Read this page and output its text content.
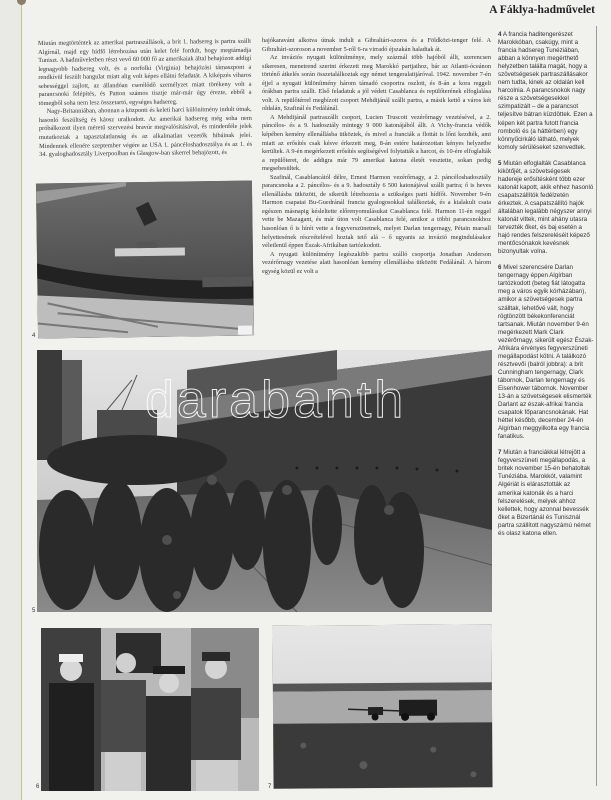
A Fáklya-hadművelet

Miután megtörténtek az amerikai partraszállások, a brit 1. hadsereg is partra szállt Algírnál, majd egy hídfő létrehozása után kelet felé fordult, hogy megtámadja Tuniszt. A hadműveletben részt vevő 60 000 fő az amerikaiak által behajózott addigi legnagyobb hadsereg volt, és a norfolki (Virginia) behajózási támaszpont a rendkívül feszült hangulat miatt alig volt képes ellátni feladatát. A kiképzés viharos sebességgel zajlott, az állandóan cserélődő személyzet miatt törékeny volt a parancsnoki felépítés, és Patton számos tisztje már-már úgy érezte, ebből a tömegből soha nem lesz összetartó, egységes hadsereg.

Nagy-Britanniában, ahonnan a központi és keleti harci különítmény indult útnak, hasonló feszültség és káosz uralkodott. Az amerikai hadsereg még soha nem próbálkozott ilyen méretű szervezési bravúr megvalósításával, és mindenféle jelek mutatkoztak a tapasztalatlanság és az alkalmatlan vezetők hibáinak jelei. Mindennek ellenére szeptember végére az USA 1. páncéloshadosztálya és az 1. és 34. gyaloghadosztály Liverpoolban és Glasgow-ban sikerrel behajózott, és

hajókaravánt alkotva útnak indult a Gibraltári-szoros és a Földközi-tenger felé. A Gibraltári-szoroson a november 5-ről 6-ra virradó éjszakán haladtak át.

Az inváziós nyugati különítménye, mely százmál több hajóból állt, szerencsen sikeresen, menetrend szerint érkezett meg Marokkó partjaihoz, bár az Atlanti-óceánon történő átkelés során összetalálkoztak egy német tengeralattjáróval. 1942. november 7-én éjjel a nyugati különítmény három támadó csoportra oszlott, és 8-án a kora reggeli órákban partra szállt. Első feladatuk a jól védett Casablanca és repülőterének elfoglalása volt. A repülőtérrel megbízott csoport Mehdijánál szállt partra, a másik kettő a város két oldalán, Szafinál és Fedálánál.

A Mehdijánál partraszállt csoport, Lucien Truscott vezérőrnagy vezetésével, a 2. páncélos- és a 9. hadosztály mintegy 9 000 katonájából állt. A Vichy-francia védők képében kemény ellenállásba ütköztek, és mivel a franciák a flottát is lőni kezdték, ami miatt az erősítés csak késve érkezett meg, 8-án estére határozottan kényes helyzetbe kerültek. A 9-én megérkezett erősítés segítségével folytatták a harcot, és 10-ére elfoglalták a repülőteret, de addigra már 79 amerikai katona életét vesztette, sokan pedig megsebesültek.

Szafinál, Casablancától délre, Ernest Harmon vezérőrnagy, a 2. páncéloshadosztály parancsnoka a 2. páncélos- és a 9. hadosztály 6 500 katonájával szállt partra; ő is heves ellenállásba ütközött, de sikerült létrehoznia a szükséges parti hídfőt. November 9-én Harmon csapatai Bu-Guedránál francia gyalogosokkal találkoztak, és a kialakult csata egészen másnapig késleltette előrenyomulásukat Casablanca felé. Harmon 11-én reggel vette be Mazagant, és már úton volt Casablanca felé, amikor a többi parancsnokhoz hasonlóan ő is hírét vette a fegyverszünetnek, melyet Darlan tengernagy, Pétain marsall helyettesének részvételével hoztak tető alá – ő ugyanis az invázió megindulásakor véletlenül éppen Észak-Afrikában tartózkodott.

A nyugati különítmény legészakibb partra szálló csoportja Jonathan Anderson vezérőrnagy vezetése alatt hasonlóan kemény ellenállásba ütközött Fedálánál. A három egység közül ez volt a

4
5
6	7

4 A francia haditengerészet Marokkóban, csakúgy, mint a francia hadsereg Tunéziában, abban a könnyen megérthető helyzetben találta magát, hogy a szövetségesek partraszállásakor nem tudta, kinek az oldalán kell harcolnia. A parancsnokok nagy része a szövetségesekkel szimpatizált – de a parancsot teljesítve bátran küzdöttek. Ezen a képen két partra futott francia romboló és (a háttérben) egy könnyűcirkáló látható, melyek komoly sérüléseket szenvedtek.

5 Miután elfoglalták Casablanca kikötőjét, a szövetségesek haderejе erősítésként több ezer katonát kapott, akik ehhez hasonló csapatszállítók fedélzetén érkeztek. A csapatszállító hajók általában legalább négyszer annyi katonát vittek, mint ahány utasra tervezték őket, és baj esetén a hajó rendes felszereléséit képező mentőcsónakok kevésnek bizonyultak volna.

6 Mivel szerencsére Darlan tengernagy éppen Algírban tartózkodott (beteg fiát látogatta meg a város egyik kórházában), amikor a szövetségesek partra szálltak, lehetővé vált, hogy rögtönzött békekonferenciát tartsanak. Miután november 9-én megérkezett Mark Clark vezérőrnagy, sikerült egész Észak-Afrikára érvényes fegyverszüneti megállapodást kötni. A találkozó résztvevői (balról jobbra): a brit Cunningham tengernagy, Clark tábornok, Darlan tengernagy és Eisenhower tábornok. November 13-án a szövetségesek elismerték Darlant az észak-afrikai francia csapatok főparancsnokának. Hat héttel később, december 24-én Algírban meggyilkolta egy francia fanatikus.

7 Miután a franciákkal létrejött a fegyverszüneti megállapodás, a britek november 15-én behatoltak Tunéziába. Marokkót, valamint Algériát is elárasztották az amerikai katonák és a harci felszerelések, melyek ahhoz kellettek, hogy azonnal bevessék őket a Bizertánál és Tunisznál partra szállított nagyszámú német és olasz katona ellen.
